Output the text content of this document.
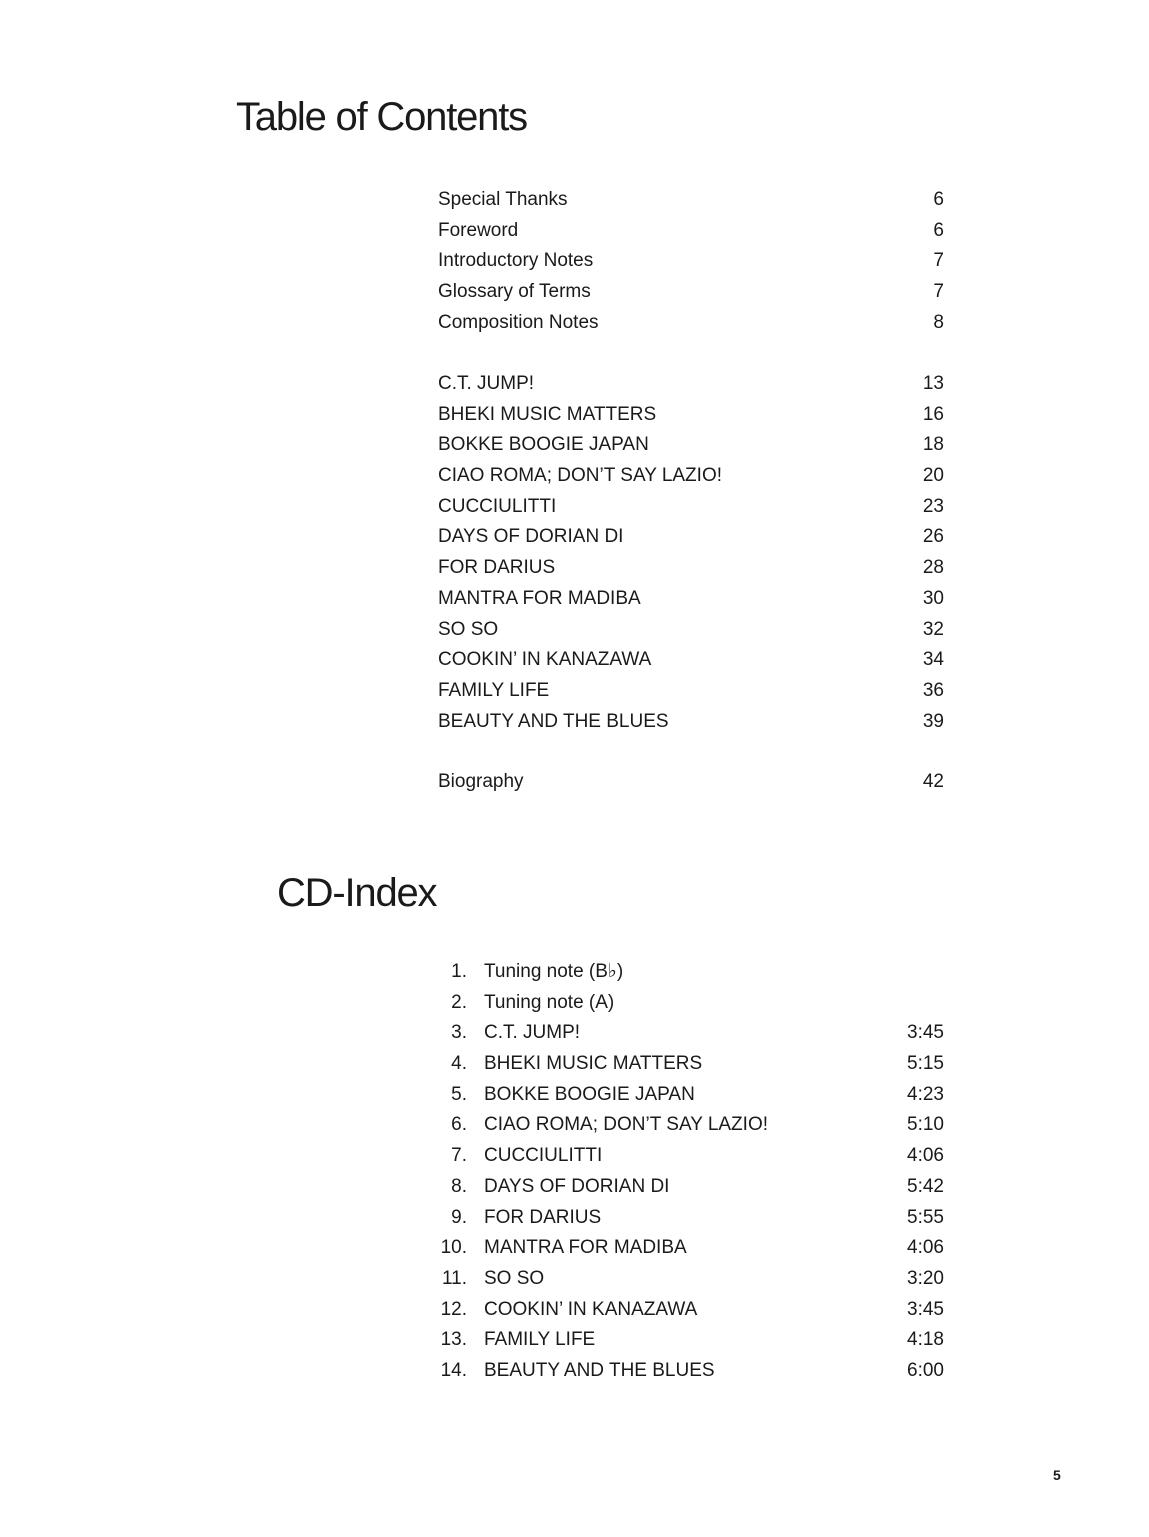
Table of Contents
Special Thanks	6
Foreword	6
Introductory Notes	7
Glossary of Terms	7
Composition Notes	8
C.T. JUMP!	13
BHEKI MUSIC MATTERS	16
BOKKE BOOGIE JAPAN	18
CIAO ROMA; DON’T SAY LAZIO!	20
CUCCIULITTI	23
DAYS OF DORIAN DI	26
FOR DARIUS	28
MANTRA FOR MADIBA	30
SO SO	32
COOKIN’ IN KANAZAWA	34
FAMILY LIFE	36
BEAUTY AND THE BLUES	39
Biography	42
CD-Index
1. Tuning note (B♭)
2. Tuning note (A)
3. C.T. JUMP!	3:45
4. BHEKI MUSIC MATTERS	5:15
5. BOKKE BOOGIE JAPAN	4:23
6. CIAO ROMA; DON’T SAY LAZIO!	5:10
7. CUCCIULITTI	4:06
8. DAYS OF DORIAN DI	5:42
9. FOR DARIUS	5:55
10. MANTRA FOR MADIBA	4:06
11. SO SO	3:20
12. COOKIN’ IN KANAZAWA	3:45
13. FAMILY LIFE	4:18
14. BEAUTY AND THE BLUES	6:00
5
